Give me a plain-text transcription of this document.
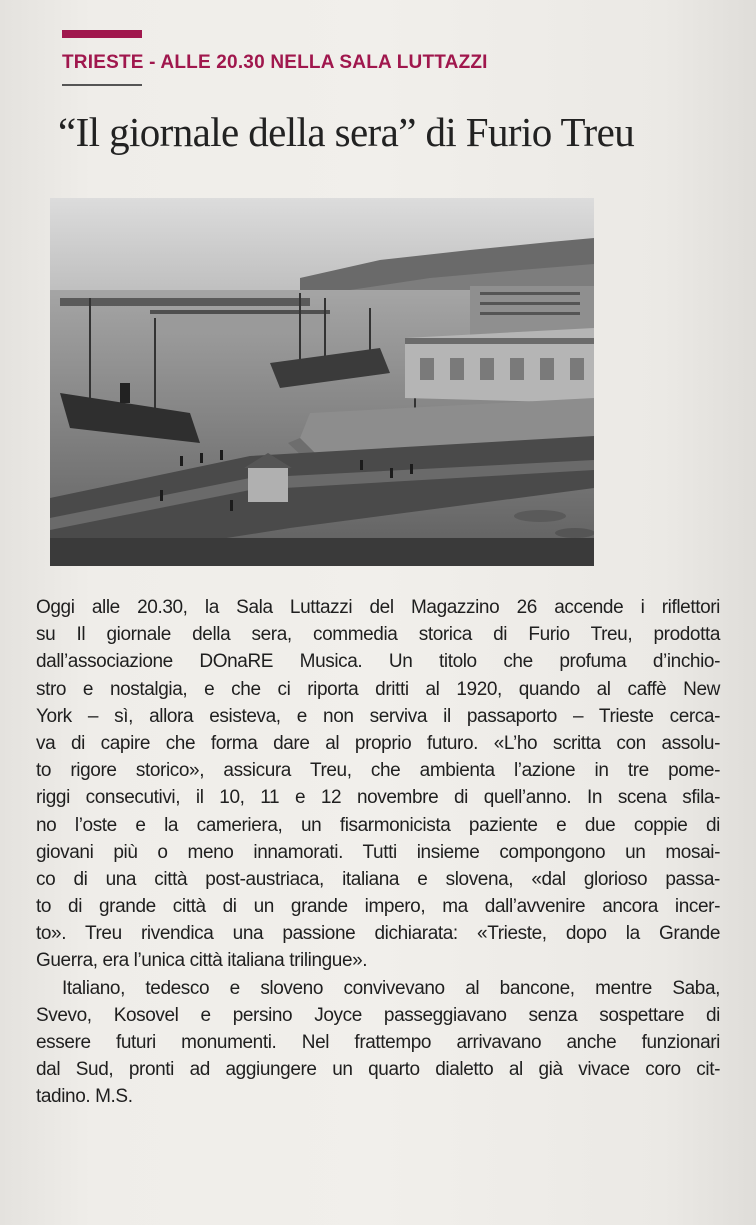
TRIESTE - ALLE 20.30 NELLA SALA LUTTAZZI
“Il giornale della sera” di Furio Treu
Oggi alle 20.30, la Sala Luttazzi del Magazzino 26 accende i riflettori
su Il giornale della sera, commedia storica di Furio Treu, prodotta
dall’associazione DOnaRE Musica. Un titolo che profuma d’inchio-
stro e nostalgia, e che ci riporta dritti al 1920, quando al caffè New
York – sì, allora esisteva, e non serviva il passaporto – Trieste cerca-
va di capire che forma dare al proprio futuro. «L’ho scritta con assolu-
to rigore storico», assicura Treu, che ambienta l’azione in tre pome-
riggi consecutivi, il 10, 11 e 12 novembre di quell’anno. In scena sfila-
no l’oste e la cameriera, un fisarmonicista paziente e due coppie di
giovani più o meno innamorati. Tutti insieme compongono un mosai-
co di una città post-austriaca, italiana e slovena, «dal glorioso passa-
to di grande città di un grande impero, ma dall’avvenire ancora incer-
to». Treu rivendica una passione dichiarata: «Trieste, dopo la Grande
Guerra, era l’unica città italiana trilingue».
Italiano, tedesco e sloveno convivevano al bancone, mentre Saba,
Svevo, Kosovel e persino Joyce passeggiavano senza sospettare di
essere futuri monumenti. Nel frattempo arrivavano anche funzionari
dal Sud, pronti ad aggiungere un quarto dialetto al già vivace coro cit-
tadino. M.S.
